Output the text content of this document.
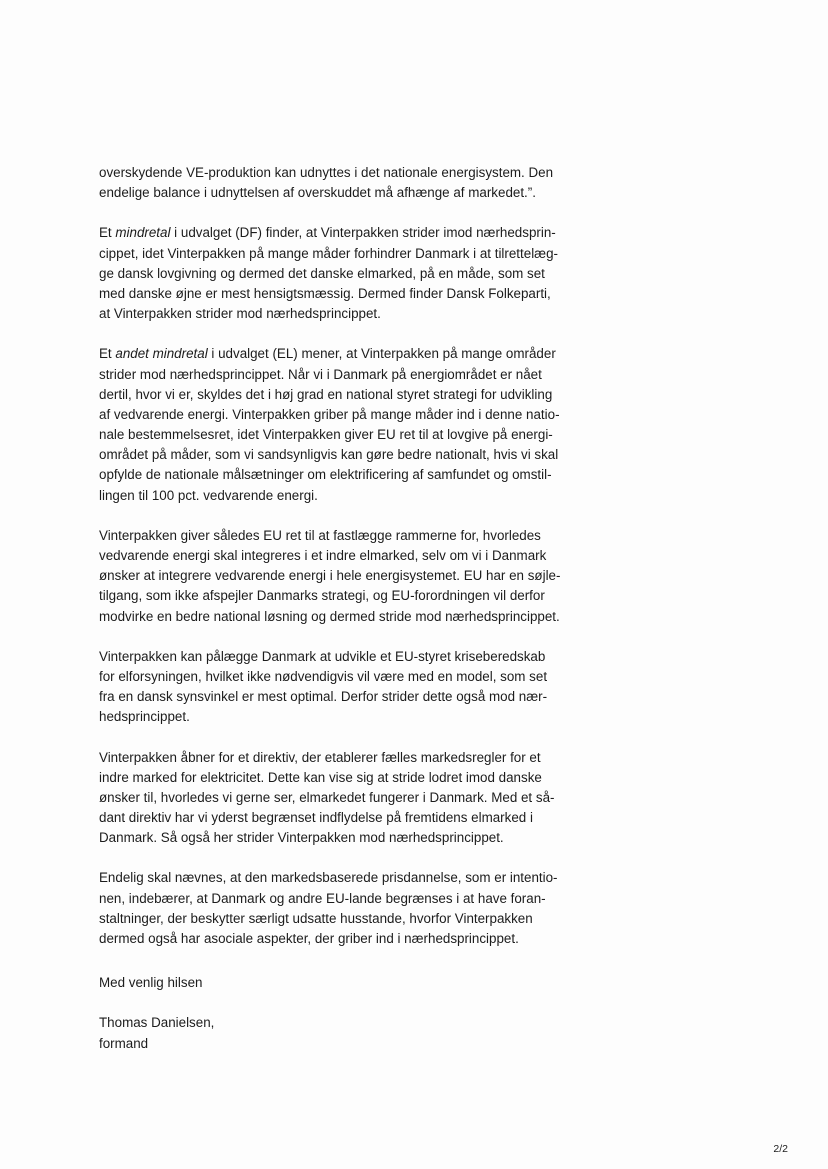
overskydende VE-produktion kan udnyttes i det nationale energisystem. Den
endelige balance i udnyttelsen af overskuddet må afhænge af markedet.”.
Et mindretal i udvalget (DF) finder, at Vinterpakken strider imod nærhedsprin-
cippet, idet Vinterpakken på mange måder forhindrer Danmark i at tilrettelæg-
ge dansk lovgivning og dermed det danske elmarked, på en måde, som set
med danske øjne er mest hensigtsmæssig. Dermed finder Dansk Folkeparti,
at Vinterpakken strider mod nærhedsprincippet.
Et andet mindretal i udvalget (EL) mener, at Vinterpakken på mange områder
strider mod nærhedsprincippet. Når vi i Danmark på energiområdet er nået
dertil, hvor vi er, skyldes det i høj grad en national styret strategi for udvikling
af vedvarende energi. Vinterpakken griber på mange måder ind i denne natio-
nale bestemmelsesret, idet Vinterpakken giver EU ret til at lovgive på energi-
området på måder, som vi sandsynligvis kan gøre bedre nationalt, hvis vi skal
opfylde de nationale målsætninger om elektrificering af samfundet og omstil-
lingen til 100 pct. vedvarende energi.
Vinterpakken giver således EU ret til at fastlægge rammerne for, hvorledes
vedvarende energi skal integreres i et indre elmarked, selv om vi i Danmark
ønsker at integrere vedvarende energi i hele energisystemet. EU har en søjle-
tilgang, som ikke afspejler Danmarks strategi, og EU-forordningen vil derfor
modvirke en bedre national løsning og dermed stride mod nærhedsprincippet.
Vinterpakken kan pålægge Danmark at udvikle et EU-styret kriseberedskab
for elforsyningen, hvilket ikke nødvendigvis vil være med en model, som set
fra en dansk synsvinkel er mest optimal. Derfor strider dette også mod nær-
hedsprincippet.
Vinterpakken åbner for et direktiv, der etablerer fælles markedsregler for et
indre marked for elektricitet. Dette kan vise sig at stride lodret imod danske
ønsker til, hvorledes vi gerne ser, elmarkedet fungerer i Danmark. Med et så-
dant direktiv har vi yderst begrænset indflydelse på fremtidens elmarked i
Danmark. Så også her strider Vinterpakken mod nærhedsprincippet.
Endelig skal nævnes, at den markedsbaserede prisdannelse, som er intentio-
nen, indebærer, at Danmark og andre EU-lande begrænses i at have foran-
staltninger, der beskytter særligt udsatte husstande, hvorfor Vinterpakken
dermed også har asociale aspekter, der griber ind i nærhedsprincippet.
Med venlig hilsen
Thomas Danielsen,
formand
2/2
